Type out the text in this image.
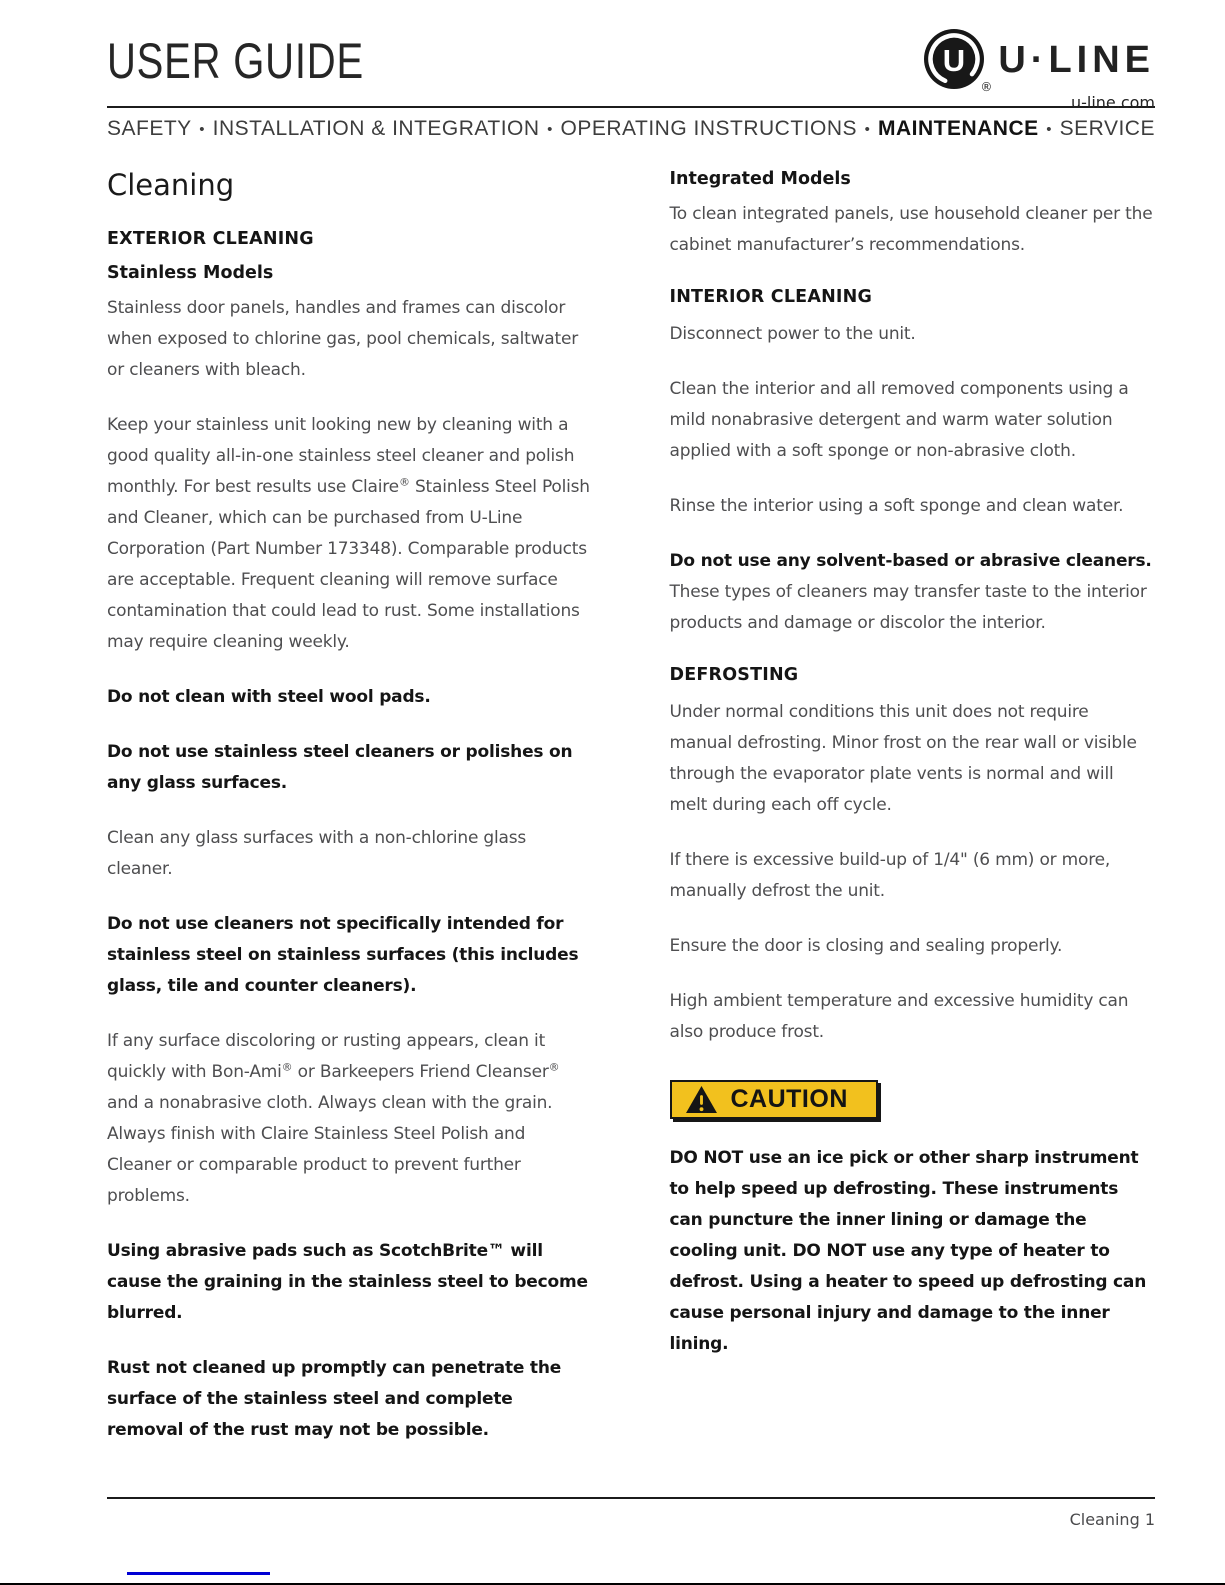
USER GUIDE	U
®
U·LINE
u-line.com
SAFETY • INSTALLATION & INTEGRATION • OPERATING INSTRUCTIONS • MAINTENANCE • SERVICE
Cleaning
EXTERIOR CLEANING
Stainless Models

Stainless door panels, handles and frames can discolor when exposed to chlorine gas, pool chemicals, saltwater or cleaners with bleach.

Keep your stainless unit looking new by cleaning with a good quality all-in-one stainless steel cleaner and polish monthly. For best results use Claire® Stainless Steel Polish and Cleaner, which can be purchased from U-Line Corporation (Part Number 173348). Comparable products are acceptable. Frequent cleaning will remove surface contamination that could lead to rust. Some installations may require cleaning weekly.

Do not clean with steel wool pads.

Do not use stainless steel cleaners or polishes on any glass surfaces.

Clean any glass surfaces with a non-chlorine glass cleaner.

Do not use cleaners not specifically intended for stainless steel on stainless surfaces (this includes glass, tile and counter cleaners).

If any surface discoloring or rusting appears, clean it quickly with Bon-Ami® or Barkeepers Friend Cleanser® and a nonabrasive cloth. Always clean with the grain. Always finish with Claire Stainless Steel Polish and Cleaner or comparable product to prevent further problems.

Using abrasive pads such as ScotchBrite™ will cause the graining in the stainless steel to become blurred.

Rust not cleaned up promptly can penetrate the surface of the stainless steel and complete removal of the rust may not be possible.

Integrated Models

To clean integrated panels, use household cleaner per the cabinet manufacturer’s recommendations.

INTERIOR CLEANING

Disconnect power to the unit.

Clean the interior and all removed components using a mild nonabrasive detergent and warm water solution applied with a soft sponge or non-abrasive cloth.

Rinse the interior using a soft sponge and clean water.

Do not use any solvent-based or abrasive cleaners. These types of cleaners may transfer taste to the interior products and damage or discolor the interior.

DEFROSTING

Under normal conditions this unit does not require manual defrosting. Minor frost on the rear wall or visible through the evaporator plate vents is normal and will melt during each off cycle.

If there is excessive build-up of 1/4" (6 mm) or more, manually defrost the unit.

Ensure the door is closing and sealing properly.

High ambient temperature and excessive humidity can also produce frost.

CAUTION

DO NOT use an ice pick or other sharp instrument to help speed up defrosting. These instruments can puncture the inner lining or damage the cooling unit. DO NOT use any type of heater to defrost. Using a heater to speed up defrosting can cause personal injury and damage to the inner lining.

Cleaning 1
